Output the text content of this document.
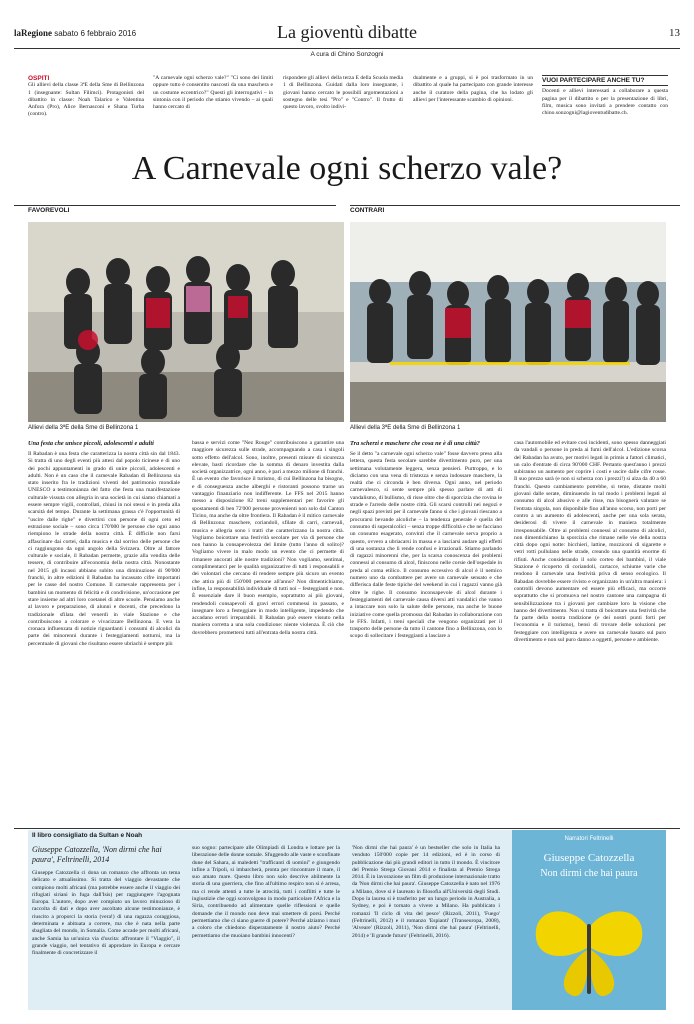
laRegione sabato 6 febbraio 2016	La gioventù dibatte	13
A cura di Chino Sonzogni
OSPITI
Gli allievi della classe 3ªE della Sme di Bellinzona 1 (insegnante: Sultan Filimci). Protagonisti del dibattito in classe: Noah Talarico e Valentina Anfora (Pro), Alice Bernasconi e Shana Turba (contro).
"A carnevale ogni scherzo vale?" "Ci sono dei limiti oppure tutto è consentito nascosti da una maschera e un costume eccentrico?" Questi gli interrogativi – in sintonia con il periodo che stiamo vivendo – ai quali hanno cercato di
rispondere gli allievi della terza E della Scuola media 1 di Bellinzona. Guidati dalla loro insegnante, i giovani hanno cercato le possibili argomentazioni a sostegno delle tesi "Pro" e "Contro". Il frutto di questo lavoro, svolto indivi-
dualmente e a gruppi, si è poi trasformato in un dibattito al quale ha partecipato con grande interesse anche il curatore della pagina, che ha lodato gli allievi per l'interessante scambio di opinioni.
VUOI PARTECIPARE ANCHE TU?
Docenti e allievi interessati a collaborare a questa pagina per il dibattito o per la presentazione di libri, film, musica sono invitati a prendere contatto con chino.sonzogni@lagioventudibatte.ch.
A Carnevale ogni scherzo vale?
FAVOREVOLI
Allievi della 3ªE della Sme di Bellinzona 1
Una festa che unisce piccoli, adolescenti e adulti
Il Rabadan è una festa che caratterizza la nostra città sin dal 1843. Si tratta di uno degli eventi più attesi dal popolo ticinese e di uno dei pochi appuntamenti in grado di unire piccoli, adolescenti e adulti. Non è un caso che il carnevale Rabadan di Bellinzona sia stato inserito fra le tradizioni viventi del patrimonio mondiale UNESCO a testimonianza del fatto che festa una manifestazione culturale vissuta con allegria in una società in cui siamo chiamati a essere sempre vigili, controllati, chiusi in noi stessi e in preda alla scarsità del tempo. Durante la settimana grassa c'è l'opportunità di "uscire dalle righe" e divertirsi con persone di ogni ceto ed estrazione sociale – sono circa 170'000 le persone che ogni anno riempiono le strade della nostra città. È difficile non farsi affascinare dai cortei, dalla musica e dal sorriso delle persone che ci raggiungono da ogni angolo della Svizzera. Oltre al fattore culturale e sociale, il Rabadan permette, grazie alla vendita delle tessere, di contribuire all'economia della nostra città. Nonostante nel 2015 gli incassi abbiano subito una diminuzione di 90'000 franchi, in altre edizioni il Rabadan ha incassato cifre importanti per le casse del nostro Comune. Il carnevale rappresenta per i bambini un momento di felicità e di condivisione, un'occasione per stare insieme ad altri loro coetanei di altre scuole. Pensiamo anche al lavoro e preparazione, di alunni e docenti, che precedono la tradizionale sfilata del venerdì in viale Stazione e che contribuiscono a colorare e vivacizzare Bellinzona. E vera la cronaca influenzata di notizie riguardanti i consumi di alcolici da parte dei minorenni durante i festeggiamenti notturni, ma la percentuale di giovani che risultano essere ubriachi è sempre più
bassa e servizi come "Nez Rouge" contribuiscono a garantire una maggiore sicurezza sulle strade, accompagnando a casa i singoli sotto effetto dell'alcol. Sono, inoltre, presenti misure di sicurezza elevate, basti ricordare che la somma di denaro investita dalla società organizzatrice, ogni anno, è pari a mezzo milione di franchi. È un evento che favorisce il turismo, di cui Bellinzona ha bisogno, e di conseguenza anche alberghi e ristoranti possono trarne un vantaggio finanziario non indifferente. Le FFS nel 2015 hanno messo a disposizione 82 treni supplementari per favorire gli spostamenti di ben 72'000 persone provenienti non solo dal Canton Ticino, ma anche da oltre frontiera. Il Rabadan è il mitico carnevale di Bellinzona: maschere, coriandoli, sfilate di carri, carnevali, musica e allegria sono i tratti che caratterizzano la nostra città. Vogliamo boicottare una festività secolare per via di persone che non hanno la consapevolezza del limite (tutto l'anno di solito)? Vogliamo vivere in malo modo un evento che ci permette di rimanere ancorati alle nostre tradizioni? Non vogliamo, sentimai, complimentarci per le qualità organizzative di tutti i responsabili e dei volontari che cercano di rendere sempre più sicuro un evento che attira più di 150'000 persone all'anno? Non dimentichiamo, infine, la responsabilità individuale di tutti noi – festeggianti e non. È essenziale dare il buon esempio, soprattutto ai più giovani, rendendoli consapevoli di gravi errori commessi in passato, e insegnare loro a festeggiare in modo intelligente, impedendo che accadano errori irreparabili. Il Rabadan può essere vissuto nella maniera corretta a una sola condizione: niente violenza. È ciò che dovrebbero promettersi tutti all'entrata della nostra città.
CONTRARI
Allievi della 3ªE della Sme di Bellinzona 1
Tra scherzi e maschere che cosa ne è di una città?
Se il detto "a carnevale ogni scherzo vale" fosse davvero preso alla lettera, questa festa secolare sarebbe divertimento puro, per una settimana volutamente leggera, senza pensieri. Purtroppo, e lo diciamo con una vena di tristezza e senza indossare maschere, la realtà che ci circonda è ben diversa. Ogni anno, nel periodo carnevalesco, si sente sempre più spesso parlare di atti di vandalismo, di bullismo, di risse oltre che di sporcizia che rovina le strade e l'arredo delle nostre città. Gli scarsi controlli nei negozi e negli spazi previsti per il carnevale fanno sì che i giovani riescano a procurarsi bevande alcoliche – la tendenza generale è quella del consumo di superalcolici – senza troppe difficoltà e che ne facciano un consumo esagerato, convinti che il carnevale serva proprio a questo, ovvero a ubriacarsi in massa e a lasciarsi andare agli effetti di una sostanza che li rende confusi e irrazionali. Stiamo parlando di ragazzi minorenni che, per la scarsa conoscenza dei problemi connessi al consumo di alcol, finiscono nelle corsie dell'ospedale in preda al coma etilico. Il consumo eccessivo di alcol è il nemico numero uno da combattere per avere un carnevale sensato e che differisca dalle feste tipiche del weekend in cui i ragazzi vanno già oltre le righe. Il consumo inconsapevole di alcol durante i festeggiamenti del carnevale causa diversi atti vandalici che vanno a intaccare non solo la salute delle persone, ma anche le buone iniziative come quella promossa dal Rabadan in collaborazione con le FFS. Infatti, i treni speciali che vengono organizzati per il trasporto delle persone da tutto il cantone fino a Bellinzona, con lo scopo di sollecitare i festeggianti a lasciare a
casa l'automobile ed evitare così incidenti, sono spesso danneggiati da vandali o persone in preda ai fumi dell'alcol. L'edizione scorsa del Rabadan ha avuto, per motivi legati in primis a fattori climatici, un calo d'entrate di circa 90'000 CHF. Pertanto quest'anno i prezzi subiranno un aumento per coprire i costi e uscire dalle cifre rosse. Il suo prezzo sarà (e non si scherza con i prezzi!) si alza da 40 a 60 franchi. Questo cambiamento potrebbe, si teme, distante molti giovani dalle serate, diminuendo in tal modo i problemi legati al consumo di alcol abusivo e alle risse, ma bisognerà valutare se l'entrata singola, non disponibile fino all'anno scorso, non porti per contro a un aumento di adolescenti, anche per una sola serata, desiderosi di vivere il carnevale in maniera totalmente irresponsabile. Oltre ai problemi connessi al consumo di alcolici, non dimentichiamo la sporcizia che rimane nelle vie della nostra città dopo ogni notte: bicchieri, lattine, mozziconi di sigarette e vetri rotti pullulano nelle strade, creando una quantità enorme di rifiuti. Anche considerando il solo corteo dei bambini, il viale Stazione è ricoperto di coriandoli, cartacce, schiume varie che rendono il carnevale una festività priva di senso ecologico. Il Rabadan dovrebbe essere rivisto e organizzato in un'altra maniera: i controlli devono aumentare ed essere più efficaci, ma occorre soprattutto che si promuova nel nostro cantone una campagna di sensibilizzazione tra i giovani per cambiare loro la visione che hanno del divertimento. Non si tratta di boicottare una festività che fa parte della nostra tradizione (e dei nostri punti forti per l'economia e il turismo), bensì di trovare delle soluzioni per festeggiare con intelligenza e avere un carnevale basato sul puro divertimento e non sul puro danno a oggetti, persone e ambiente.
Il libro consigliato da Sultan e Noah
Giuseppe Catozzella, 'Non dirmi che hai paura', Feltrinelli, 2014
Giuseppe Catozzella ci dona un romanzo che affronta un tema delicato e attualissimo. Si tratta del viaggio devastante che compiono molti africani (ma potrebbe essere anche il viaggio dei rifugiati siriani in fuga dall'Isis) per raggiungere l'agognata Europa. L'autore, dopo aver compiuto un lavoro minuzioso di raccolta di dati e dopo aver ascoltato alcune testimonianze, è riuscito a proporci la storia (vera!) di una ragazza coraggiosa, determinata e abituata a correre, ma che è nata nella parte sbagliata del mondo, in Somalia. Come accade per molti africani, anche Samia ha un'unica via d'uscita: affrontare il "Viaggio", il grande viaggio, nel tentativo di approdare in Europa e cercare finalmente di concretizzare il
suo sogno: partecipare alle Olimpiadi di Londra e lottare per la liberazione delle donne somale. Sfuggendo alle vaste e sconfinate dune del Sahara, ai maledetti "trafficanti di uomini" e giungendo infine a Tripoli, si imbarcherà, pronta per rincontrare il mare, il suo amato mare. Questo libro non solo descrive abilmente la storia di una guerriera, che fino all'ultimo respiro non si è arresa, ma ci rende attenti a tutte le atrocità, tutti i conflitti e tutte le ingiustizie che oggi sconvolgono in modo particolare l'Africa e la Siria, contribuendo ad alimentare quelle riflessioni e quelle domande che il mondo non deve mai smettere di porsi. Perché permettiamo che ci siano guerre di potere? Perché alziamo i muri a coloro che chiedono disperatamente il nostro aiuto? Perché permettiamo che muoiano bambini innocenti?
'Non dirmi che hai paura' è un bestseller che solo in Italia ha venduto 150'000 copie per 14 edizioni, ed è in corso di pubblicazione dai più grandi editori in tutto il mondo. È vincitore del Premio Strega Giovani 2014 e finalista al Premio Strega 2014. È in lavorazione un film di produzione internazionale tratto da 'Non dirmi che hai paura'. Giuseppe Catozzella è nato nel 1976 a Milano, dove si è laureato in filosofia all'Università degli Studi. Dopo la laurea si è trasferito per un lungo periodo in Australia, a Sydney, e poi è tornato a vivere a Milano. Ha pubblicato i romanzi 'Il ciclo di vita del pesce' (Rizzoli, 2011), 'Fuego' (Feltrinelli, 2012) e il romanzo 'Espianti' (Transeuropa, 2008), 'Alveare' (Rizzoli, 2011), 'Non dirmi che hai paura' (Feltrinelli, 2014) e 'Il grande futuro' (Feltrinelli, 2016).
Narratori Feltrinelli
Giuseppe Catozzella
Non dirmi che hai paura
